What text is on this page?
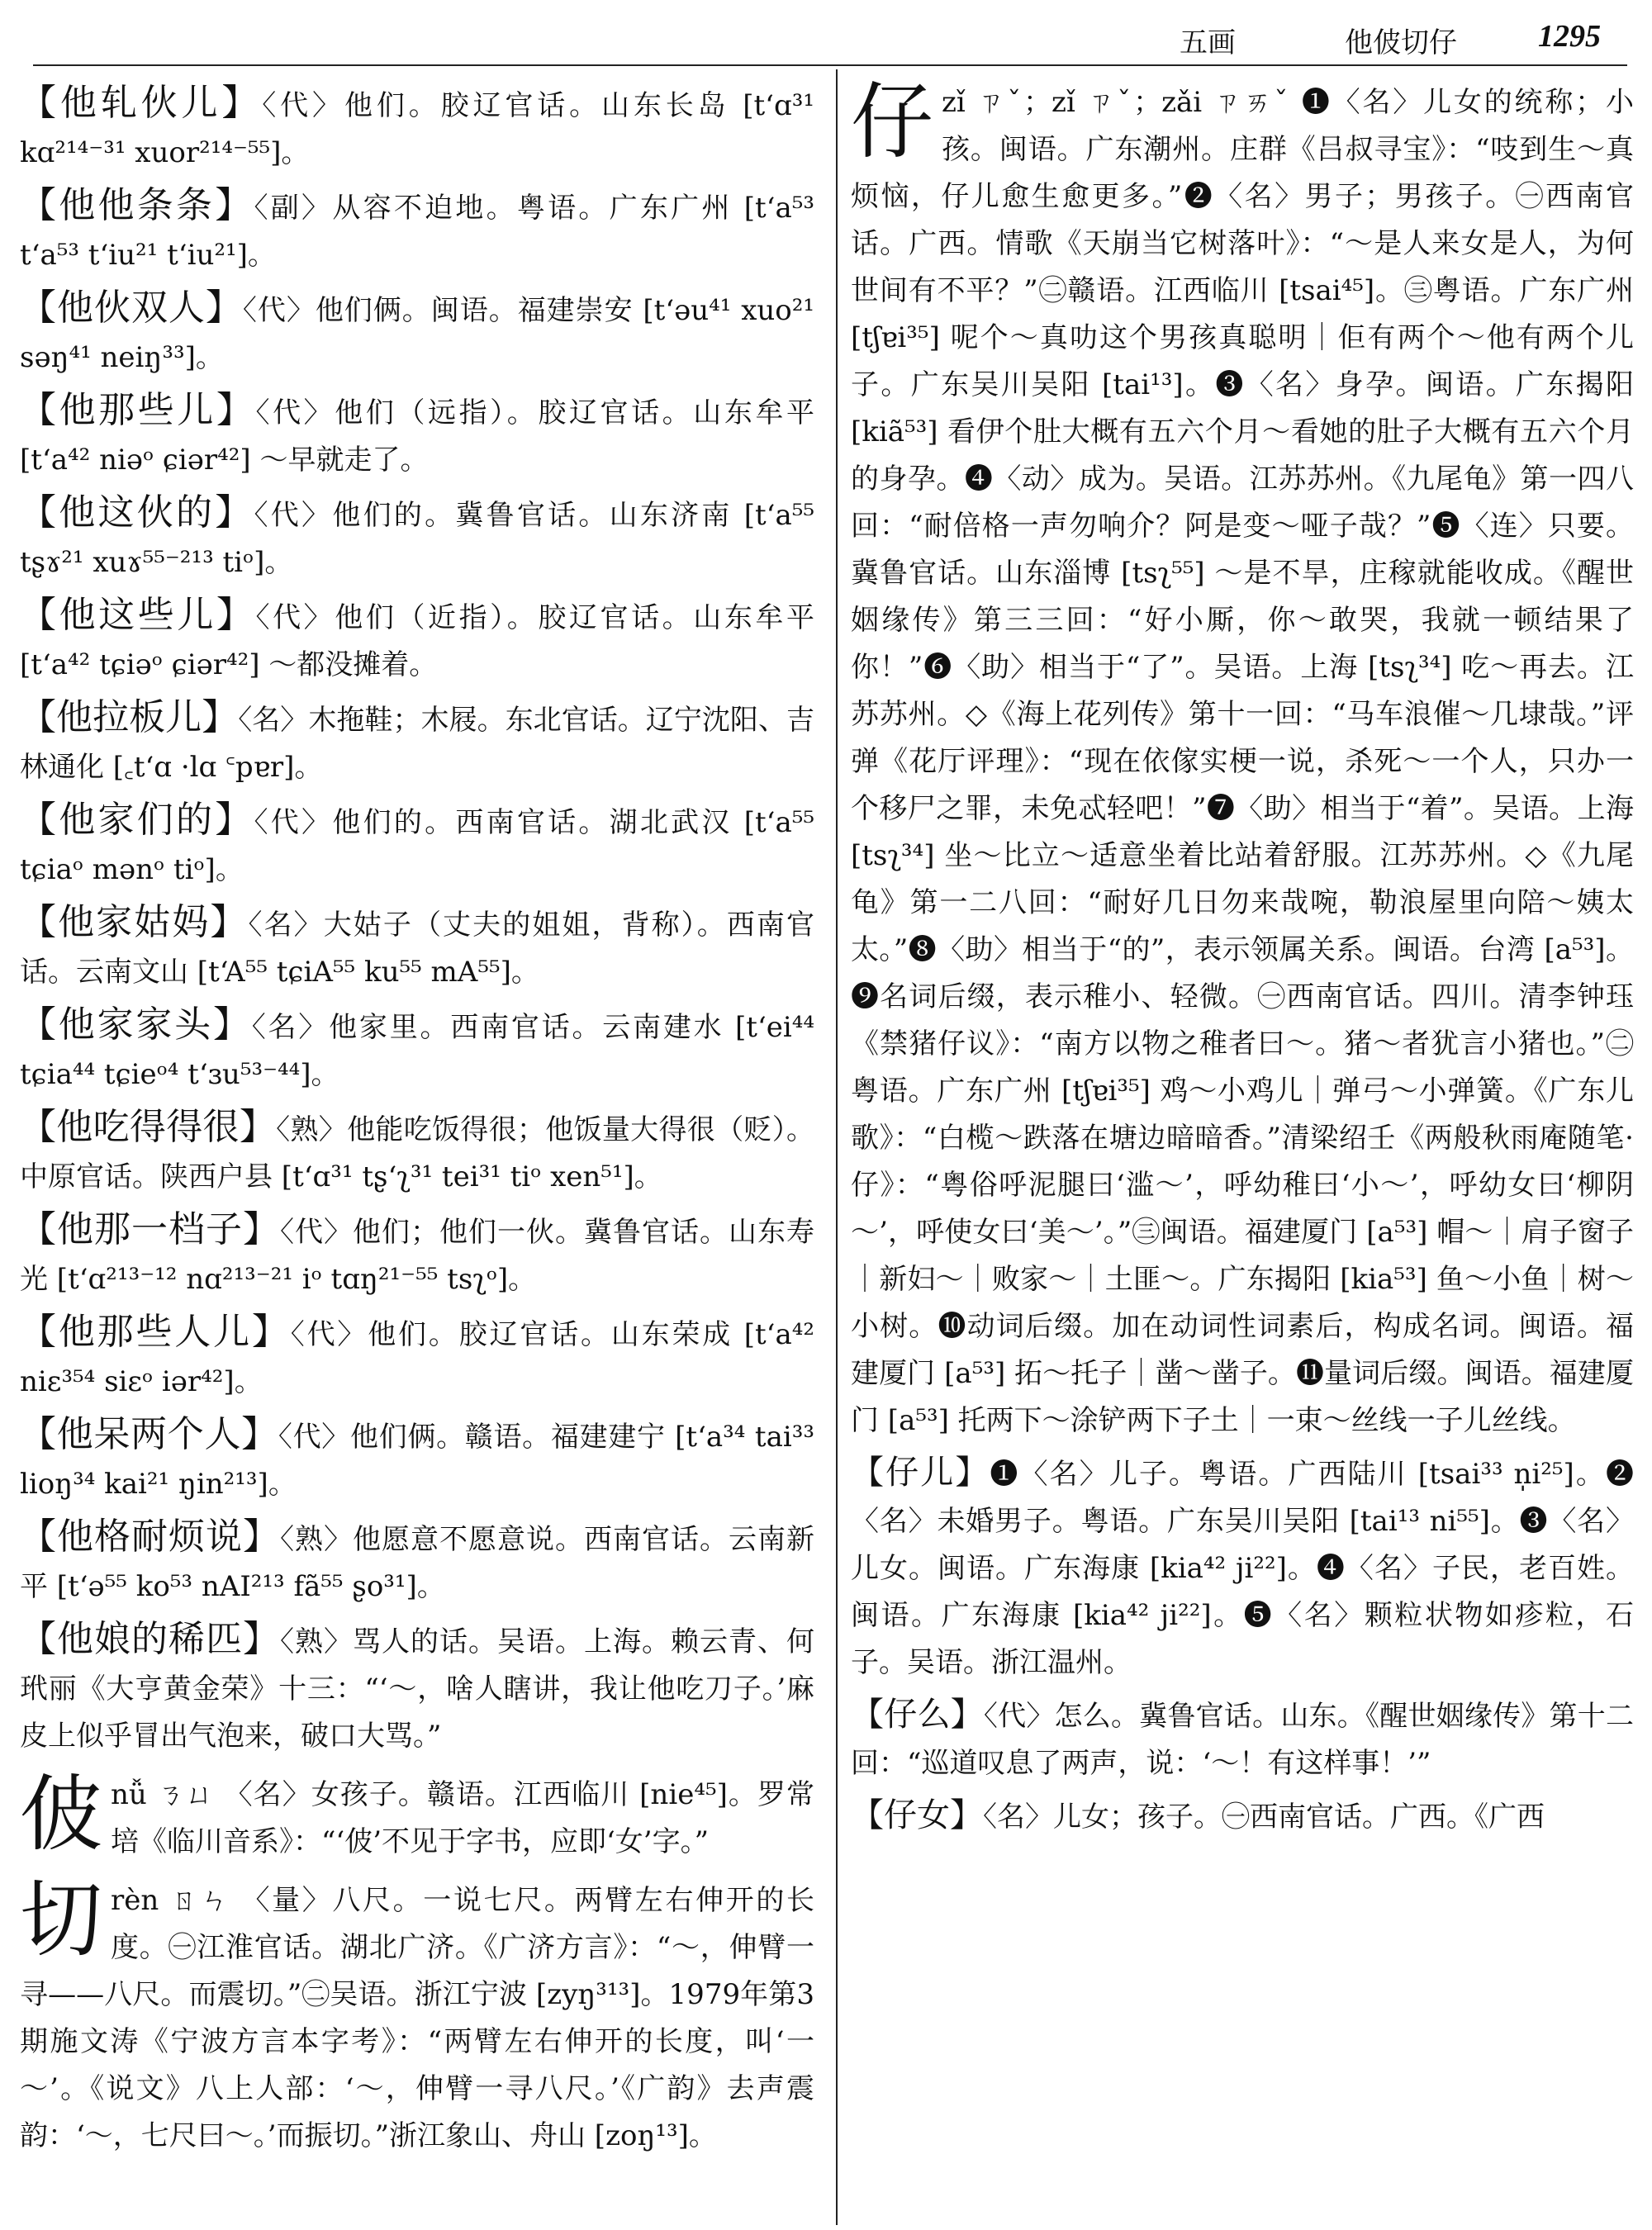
五画	他佊切仔	1295
【他轧伙儿】〈代〉他们。胶辽官话。山东长岛 [tʻɑ³¹ kɑ²¹⁴⁻³¹ xuor²¹⁴⁻⁵⁵]。
【他他条条】〈副〉从容不迫地。粤语。广东广州 [tʻa⁵³ tʻa⁵³ tʻiu²¹ tʻiu²¹]。
【他伙双人】〈代〉他们俩。闽语。福建崇安 [tʻəu⁴¹ xuo²¹ səŋ⁴¹ neiŋ³³]。
【他那些儿】〈代〉他们（远指）。胶辽官话。山东牟平 [tʻa⁴² niəᵒ ɕiər⁴²] ～早就走了。
【他这伙的】〈代〉他们的。冀鲁官话。山东济南 [tʻa⁵⁵ tʂɤ²¹ xuɤ⁵⁵⁻²¹³ tiᵒ]。
【他这些儿】〈代〉他们（近指）。胶辽官话。山东牟平 [tʻa⁴² tɕiəᵒ ɕiər⁴²] ～都没摊着。
【他拉板儿】〈名〉木拖鞋；木屐。东北官话。辽宁沈阳、吉林通化 [꜀tʻɑ ·lɑ ꜂pɐr]。
【他家们的】〈代〉他们的。西南官话。湖北武汉 [tʻa⁵⁵ tɕiaᵒ mənᵒ tiᵒ]。
【他家姑妈】〈名〉大姑子（丈夫的姐姐，背称）。西南官话。云南文山 [tʻA⁵⁵ tɕiA⁵⁵ ku⁵⁵ mA⁵⁵]。
【他家家头】〈名〉他家里。西南官话。云南建水 [tʻei⁴⁴ tɕia⁴⁴ tɕieᵒ⁴ tʻɜu⁵³⁻⁴⁴]。
【他吃得得很】〈熟〉他能吃饭得很；他饭量大得很（贬）。中原官话。陕西户县 [tʻɑ³¹ tʂʻʅ³¹ tei³¹ tiᵒ xen⁵¹]。
【他那一档子】〈代〉他们；他们一伙。冀鲁官话。山东寿光 [tʻɑ²¹³⁻¹² nɑ²¹³⁻²¹ iᵒ tɑŋ²¹⁻⁵⁵ tsʅᵒ]。
【他那些人儿】〈代〉他们。胶辽官话。山东荣成 [tʻa⁴² niɛ³⁵⁴ siɛᵒ iər⁴²]。
【他呆两个人】〈代〉他们俩。赣语。福建建宁 [tʻa³⁴ tai³³ lioŋ³⁴ kai²¹ ŋin²¹³]。
【他格耐烦说】〈熟〉他愿意不愿意说。西南官话。云南新平 [tʻə⁵⁵ ko⁵³ nAI²¹³ fã⁵⁵ ʂo³¹]。
【他娘的稀匹】〈熟〉骂人的话。吴语。上海。赖云青、何玳丽《大亨黄金荣》十三：“‘～，啥人瞎讲，我让他吃刀子。’麻皮上似乎冒出气泡来，破口大骂。”
佊nǚ ㄋㄩ 〈名〉女孩子。赣语。江西临川 [nie⁴⁵]。罗常培《临川音系》：“‘佊’不见于字书，应即‘女’字。”
切rèn ㄖㄣ 〈量〉八尺。一说七尺。两臂左右伸开的长度。㊀江淮官话。湖北广济。《广济方言》：“～，伸臂一寻——八尺。而震切。”㊁吴语。浙江宁波 [zyŋ³¹³]。1979年第3期施文涛《宁波方言本字考》：“两臂左右伸开的长度，叫‘一～’。《说文》八上人部：‘～，伸臂一寻八尺。’《广韵》去声震韵：‘～，七尺曰～。’而振切。”浙江象山、舟山 [zoŋ¹³]。
仔zǐ ㄗˇ；zǐ ㄗˇ；zǎi ㄗㄞˇ ❶〈名〉儿女的统称；小孩。闽语。广东潮州。庄群《吕叔寻宝》：“吱到生～真烦恼，仔儿愈生愈更多。”❷〈名〉男子；男孩子。㊀西南官话。广西。情歌《天崩当它树落叶》：“～是人来女是人，为何世间有不平？”㊁赣语。江西临川 [tsai⁴⁵]。㊂粤语。广东广州 [tʃɐi³⁵] 呢个～真叻这个男孩真聪明｜佢有两个～他有两个儿子。广东吴川吴阳 [tai¹³]。❸〈名〉身孕。闽语。广东揭阳 [kiã⁵³] 看伊个肚大概有五六个月～看她的肚子大概有五六个月的身孕。❹〈动〉成为。吴语。江苏苏州。《九尾龟》第一四八回：“耐倍格一声勿响介？阿是变～哑子哉？”❺〈连〉只要。冀鲁官话。山东淄博 [tsʅ⁵⁵] ～是不旱，庄稼就能收成。《醒世姻缘传》第三三回：“好小厮，你～敢哭，我就一顿结果了你！”❻〈助〉相当于“了”。吴语。上海 [tsʅ³⁴] 吃～再去。江苏苏州。◇《海上花列传》第十一回：“马车浪催～几埭哉。”评弹《花厅评理》：“现在依傢实梗一说，杀死～一个人，只办一个移尸之罪，未免忒轻吧！”❼〈助〉相当于“着”。吴语。上海 [tsʅ³⁴] 坐～比立～适意坐着比站着舒服。江苏苏州。◇《九尾龟》第一二八回：“耐好几日勿来哉啘，勒浪屋里向陪～姨太太。”❽〈助〉相当于“的”，表示领属关系。闽语。台湾 [a⁵³]。❾名词后缀，表示稚小、轻微。㊀西南官话。四川。清李钟珏《禁猪仔议》：“南方以物之稚者曰～。猪～者犹言小猪也。”㊁粤语。广东广州 [tʃɐi³⁵] 鸡～小鸡儿｜弹弓～小弹簧。《广东儿歌》：“白榄～跌落在塘边暗暗香。”清梁绍壬《两般秋雨庵随笔·仔》：“粤俗呼泥腿曰‘滥～’，呼幼稚曰‘小～’，呼幼女曰‘柳阴～’，呼使女曰‘美～’。”㊂闽语。福建厦门 [a⁵³] 帽～｜肩子窗子｜新妇～｜败家～｜土匪～。广东揭阳 [kia⁵³] 鱼～小鱼｜树～小树。❿动词后缀。加在动词性词素后，构成名词。闽语。福建厦门 [a⁵³] 拓～托子｜凿～凿子。⓫量词后缀。闽语。福建厦门 [a⁵³] 托两下～涂铲两下子土｜一束～丝线一子儿丝线。
【仔儿】❶〈名〉儿子。粤语。广西陆川 [tsai³³ n̩i²⁵]。❷〈名〉未婚男子。粤语。广东吴川吴阳 [tai¹³ ni⁵⁵]。❸〈名〉儿女。闽语。广东海康 [kia⁴² ji²²]。❹〈名〉子民，老百姓。闽语。广东海康 [kia⁴² ji²²]。❺〈名〉颗粒状物如疹粒，石子。吴语。浙江温州。
【仔么】〈代〉怎么。冀鲁官话。山东。《醒世姻缘传》第十二回：“巡道叹息了两声，说：‘～！有这样事！’”
【仔女】〈名〉儿女；孩子。㊀西南官话。广西。《广西
